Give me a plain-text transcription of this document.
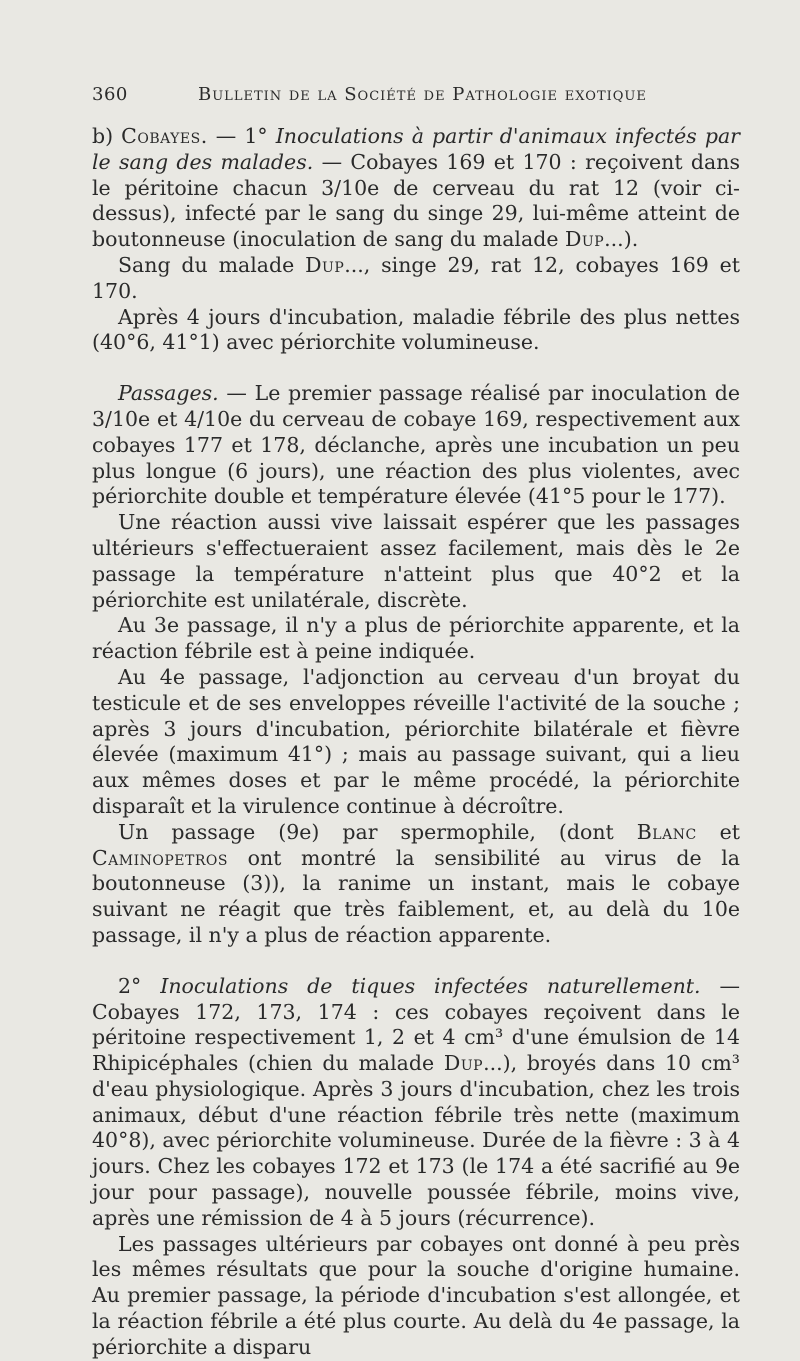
360	Bulletin de la Société de Pathologie exotique

b) Cobayes. — 1° Inoculations à partir d'animaux infectés par le sang des malades. — Cobayes 169 et 170 : reçoivent dans le péritoine chacun 3/10e de cerveau du rat 12 (voir ci-dessus), infecté par le sang du singe 29, lui-même atteint de boutonneuse (inoculation de sang du malade Dup...).

Sang du malade Dup..., singe 29, rat 12, cobayes 169 et 170.

Après 4 jours d'incubation, maladie fébrile des plus nettes (40°6, 41°1) avec périorchite volumineuse.

Passages. — Le premier passage réalisé par inoculation de 3/10e et 4/10e du cerveau de cobaye 169, respectivement aux cobayes 177 et 178, déclanche, après une incubation un peu plus longue (6 jours), une réaction des plus violentes, avec périorchite double et température élevée (41°5 pour le 177).

Une réaction aussi vive laissait espérer que les passages ultérieurs s'effectueraient assez facilement, mais dès le 2e passage la température n'atteint plus que 40°2 et la périorchite est unilatérale, discrète.

Au 3e passage, il n'y a plus de périorchite apparente, et la réaction fébrile est à peine indiquée.

Au 4e passage, l'adjonction au cerveau d'un broyat du testicule et de ses enveloppes réveille l'activité de la souche ; après 3 jours d'incubation, périorchite bilatérale et fièvre élevée (maximum 41°) ; mais au passage suivant, qui a lieu aux mêmes doses et par le même procédé, la périorchite disparaît et la virulence continue à décroître.

Un passage (9e) par spermophile, (dont Blanc et Caminopetros ont montré la sensibilité au virus de la boutonneuse (3)), la ranime un instant, mais le cobaye suivant ne réagit que très faiblement, et, au delà du 10e passage, il n'y a plus de réaction apparente.

2° Inoculations de tiques infectées naturellement. — Cobayes 172, 173, 174 : ces cobayes reçoivent dans le péritoine respectivement 1, 2 et 4 cm³ d'une émulsion de 14 Rhipicéphales (chien du malade Dup...), broyés dans 10 cm³ d'eau physiologique. Après 3 jours d'incubation, chez les trois animaux, début d'une réaction fébrile très nette (maximum 40°8), avec périorchite volumineuse. Durée de la fièvre : 3 à 4 jours. Chez les cobayes 172 et 173 (le 174 a été sacrifié au 9e jour pour passage), nouvelle poussée fébrile, moins vive, après une rémission de 4 à 5 jours (récurrence).

Les passages ultérieurs par cobayes ont donné à peu près les mêmes résultats que pour la souche d'origine humaine. Au premier passage, la période d'incubation s'est allongée, et la réaction fébrile a été plus courte. Au delà du 4e passage, la périorchite a disparu
